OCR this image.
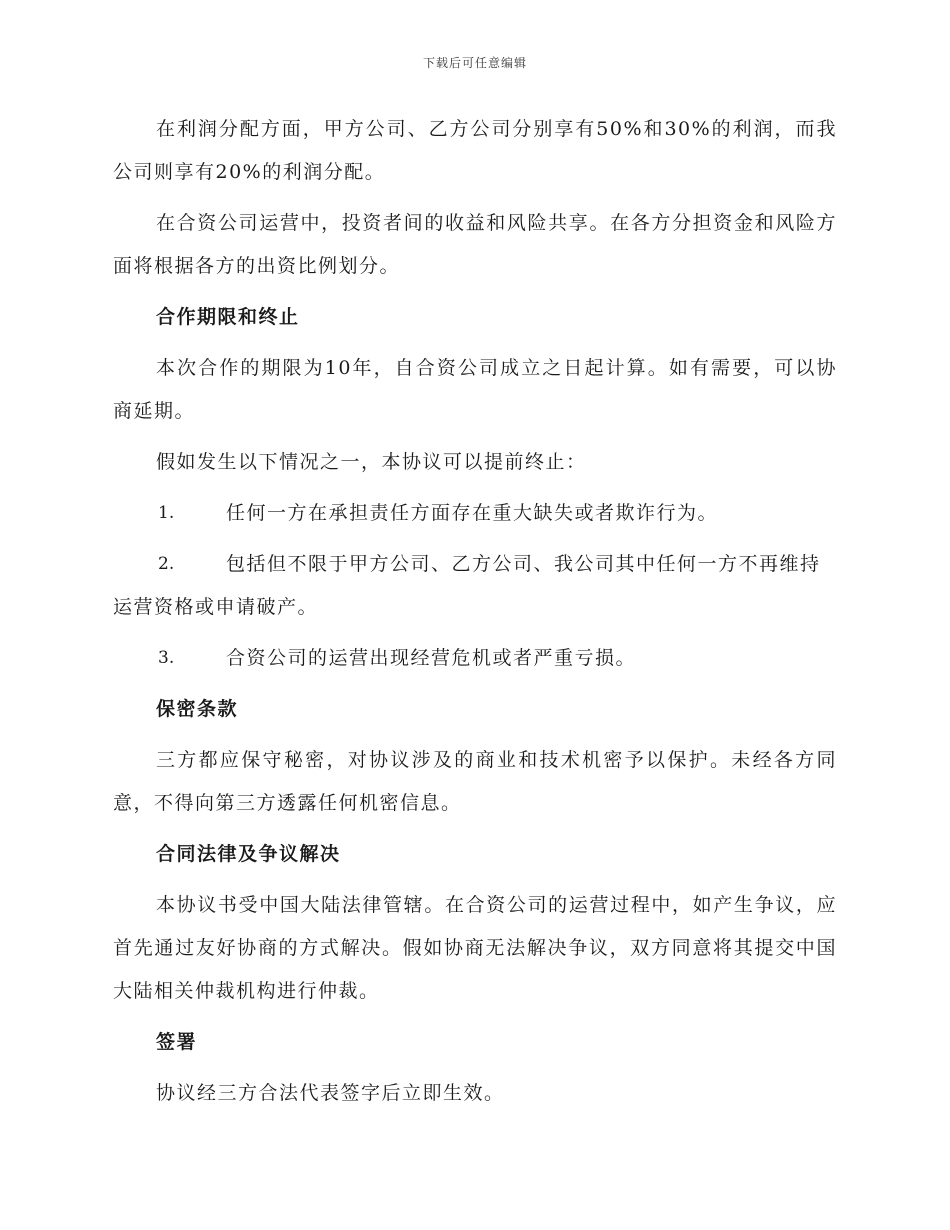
下载后可任意编辑

在利润分配方面，甲方公司、乙方公司分别享有50%和30%的利润，而我公司则享有20%的利润分配。

在合资公司运营中，投资者间的收益和风险共享。在各方分担资金和风险方面将根据各方的出资比例划分。

合作期限和终止

本次合作的期限为10年，自合资公司成立之日起计算。如有需要，可以协商延期。

假如发生以下情况之一，本协议可以提前终止：

1.	任何一方在承担责任方面存在重大缺失或者欺诈行为。
2.	包括但不限于甲方公司、乙方公司、我公司其中任何一方不再维持运营资格或申请破产。
3.	合资公司的运营出现经营危机或者严重亏损。
保密条款

三方都应保守秘密，对协议涉及的商业和技术机密予以保护。未经各方同意，不得向第三方透露任何机密信息。

合同法律及争议解决

本协议书受中国大陆法律管辖。在合资公司的运营过程中，如产生争议，应首先通过友好协商的方式解决。假如协商无法解决争议，双方同意将其提交中国大陆相关仲裁机构进行仲裁。

签署

协议经三方合法代表签字后立即生效。
